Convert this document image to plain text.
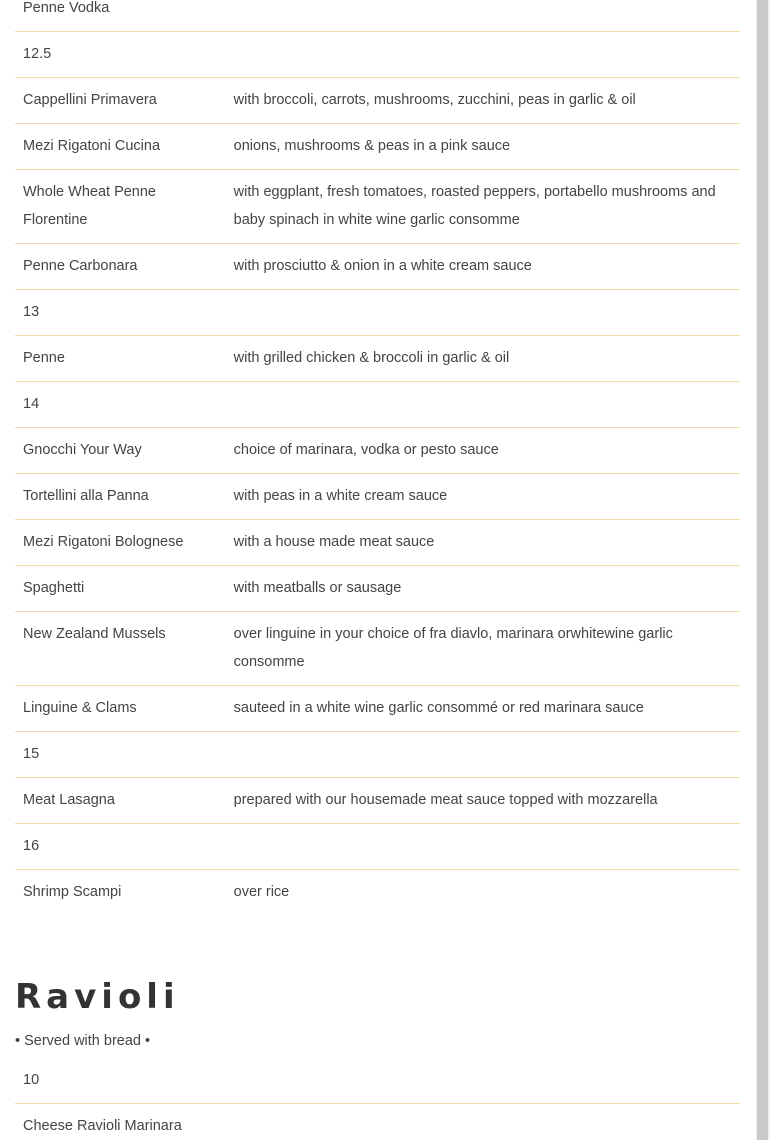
Penne Vodka	
12.5	
Cappellini Primavera	with broccoli, carrots, mushrooms, zucchini, peas in garlic & oil
Mezi Rigatoni Cucina	onions, mushrooms & peas in a pink sauce
Whole Wheat Penne Florentine	with eggplant, fresh tomatoes, roasted peppers, portabello mushrooms and baby spinach in white wine garlic consomme
Penne Carbonara	with prosciutto & onion in a white cream sauce
13	
Penne	with grilled chicken & broccoli in garlic & oil
14	
Gnocchi Your Way	choice of marinara, vodka or pesto sauce
Tortellini alla Panna	with peas in a white cream sauce
Mezi Rigatoni Bolognese	with a house made meat sauce
Spaghetti	with meatballs or sausage
New Zealand Mussels	over linguine in your choice of fra diavlo, marinara orwhitewine garlic consomme
Linguine & Clams	sauteed in a white wine garlic consommé or red marinara sauce
15	
Meat Lasagna	prepared with our housemade meat sauce topped with mozzarella
16	
Shrimp Scampi	over rice
Ravioli
• Served with bread •
10
Cheese Ravioli Marinara	
